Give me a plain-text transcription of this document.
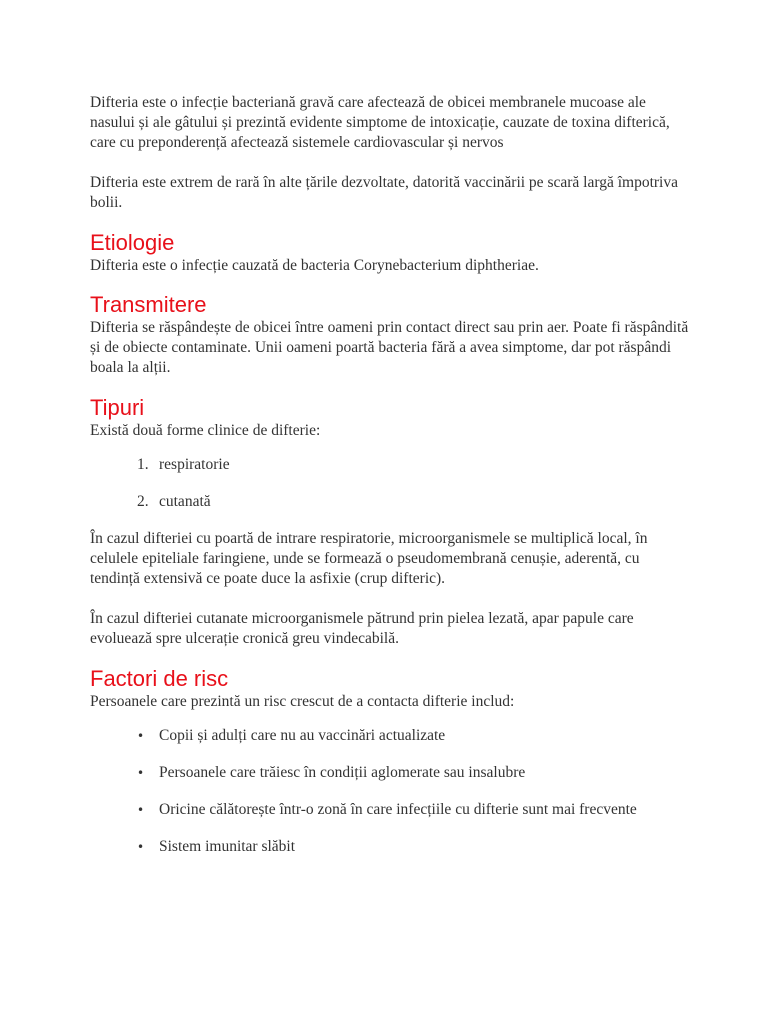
Difteria este o infecție bacteriană gravă care afectează de obicei membranele mucoase ale nasului și ale gâtului și prezintă evidente simptome de intoxicație, cauzate de toxina difterică, care cu preponderență afectează sistemele cardiovascular și nervos

Difteria este extrem de rară în alte țările dezvoltate, datorită vaccinării pe scară largă împotriva bolii.

Etiologie

Difteria este o infecție cauzată de bacteria Corynebacterium diphtheriae.

Transmitere

Difteria se răspândește de obicei între oameni prin contact direct sau prin aer. Poate fi răspândită și de obiecte contaminate. Unii oameni poartă bacteria fără a avea simptome, dar pot răspândi boala la alții.

Tipuri

Există două forme clinice de difterie:

1. respiratorie
2. cutanată

În cazul difteriei cu poartă de intrare respiratorie, microorganismele se multiplică local, în celulele epiteliale faringiene, unde se formează o pseudomembrană cenușie, aderentă, cu tendință extensivă ce poate duce la asfixie (crup difteric).

În cazul difteriei cutanate microorganismele pătrund prin pielea lezată, apar papule care evoluează spre ulcerație cronică greu vindecabilă.

Factori de risc

Persoanele care prezintă un risc crescut de a contacta difterie includ:

• Copii și adulți care nu au vaccinări actualizate
• Persoanele care trăiesc în condiții aglomerate sau insalubre
• Oricine călătorește într-o zonă în care infecțiile cu difterie sunt mai frecvente
• Sistem imunitar slăbit
